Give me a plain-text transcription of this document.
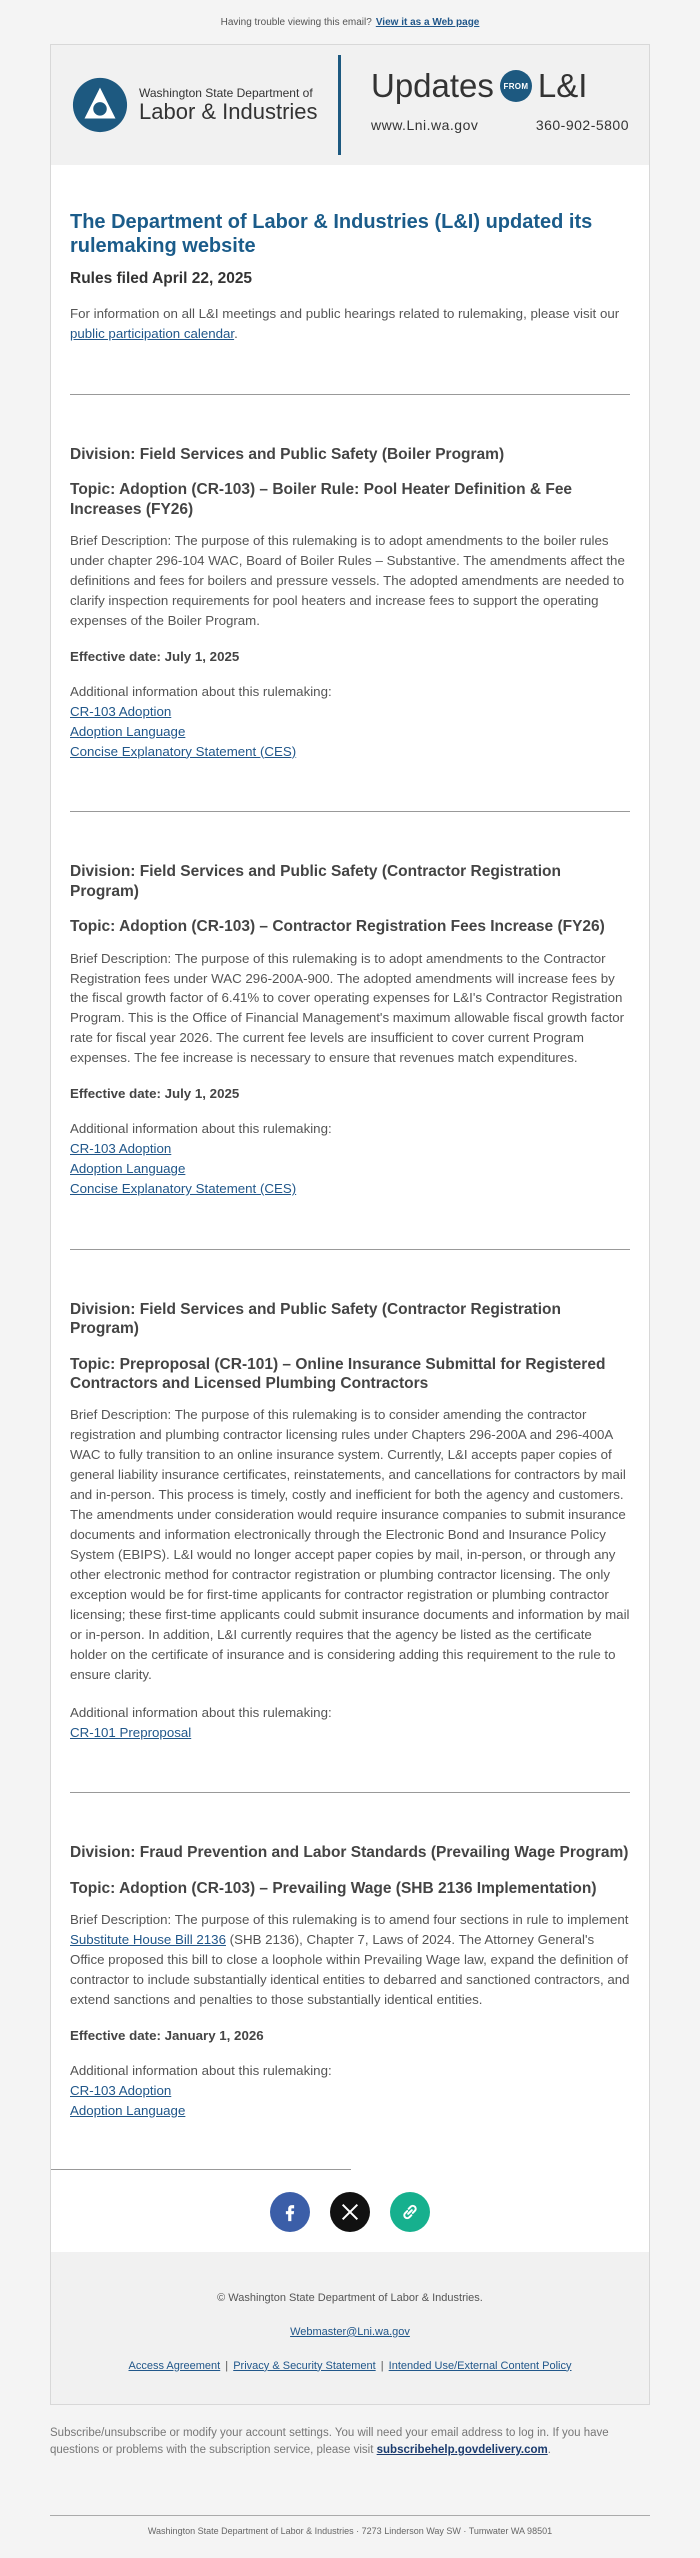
Having trouble viewing this email? View it as a Web page
Washington State Department of
Labor & Industries
Updates	FROM L&I
www.Lni.wa.gov	360-902-5800
The Department of Labor & Industries (L&I) updated its rulemaking website
Rules filed April 22, 2025

For information on all L&I meetings and public hearings related to rulemaking, please visit our public participation calendar.

Division: Field Services and Public Safety (Boiler Program)
Topic: Adoption (CR-103) – Boiler Rule: Pool Heater Definition & Fee Increases (FY26)

Brief Description: The purpose of this rulemaking is to adopt amendments to the boiler rules under chapter 296-104 WAC, Board of Boiler Rules – Substantive. The amendments affect the definitions and fees for boilers and pressure vessels. The adopted amendments are needed to clarify inspection requirements for pool heaters and increase fees to support the operating expenses of the Boiler Program.

Effective date: July 1, 2025

Additional information about this rulemaking:

CR-103 Adoption
Adoption Language
Concise Explanatory Statement (CES)
Division: Field Services and Public Safety (Contractor Registration Program)
Topic: Adoption (CR-103) – Contractor Registration Fees Increase (FY26)

Brief Description: The purpose of this rulemaking is to adopt amendments to the Contractor Registration fees under WAC 296-200A-900. The adopted amendments will increase fees by the fiscal growth factor of 6.41% to cover operating expenses for L&I's Contractor Registration Program. This is the Office of Financial Management's maximum allowable fiscal growth factor rate for fiscal year 2026. The current fee levels are insufficient to cover current Program expenses. The fee increase is necessary to ensure that revenues match expenditures.

Effective date: July 1, 2025

Additional information about this rulemaking:

CR-103 Adoption
Adoption Language
Concise Explanatory Statement (CES)
Division: Field Services and Public Safety (Contractor Registration Program)
Topic: Preproposal (CR-101) – Online Insurance Submittal for Registered Contractors and Licensed Plumbing Contractors

Brief Description: The purpose of this rulemaking is to consider amending the contractor registration and plumbing contractor licensing rules under Chapters 296-200A and 296-400A WAC to fully transition to an online insurance system. Currently, L&I accepts paper copies of general liability insurance certificates, reinstatements, and cancellations for contractors by mail and in-person. This process is timely, costly and inefficient for both the agency and customers. The amendments under consideration would require insurance companies to submit insurance documents and information electronically through the Electronic Bond and Insurance Policy System (EBIPS). L&I would no longer accept paper copies by mail, in-person, or through any other electronic method for contractor registration or plumbing contractor licensing. The only exception would be for first-time applicants for contractor registration or plumbing contractor licensing; these first-time applicants could submit insurance documents and information by mail or in-person. In addition, L&I currently requires that the agency be listed as the certificate holder on the certificate of insurance and is considering adding this requirement to the rule to ensure clarity.

Additional information about this rulemaking:

CR-101 Preproposal
Division: Fraud Prevention and Labor Standards (Prevailing Wage Program)
Topic: Adoption (CR-103) – Prevailing Wage (SHB 2136 Implementation)

Brief Description: The purpose of this rulemaking is to amend four sections in rule to implement Substitute House Bill 2136 (SHB 2136), Chapter 7, Laws of 2024. The Attorney General's Office proposed this bill to close a loophole within Prevailing Wage law, expand the definition of contractor to include substantially identical entities to debarred and sanctioned contractors, and extend sanctions and penalties to those substantially identical entities.

Effective date: January 1, 2026

Additional information about this rulemaking:

CR-103 Adoption
Adoption Language
© Washington State Department of Labor & Industries.
Webmaster@Lni.wa.gov
Access Agreement | Privacy & Security Statement | Intended Use/External Content Policy
Subscribe/unsubscribe or modify your account settings. You will need your email address to log in. If you have questions or problems with the subscription service, please visit subscribehelp.govdelivery.com.
Washington State Department of Labor & Industries · 7273 Linderson Way SW · Tumwater WA 98501
